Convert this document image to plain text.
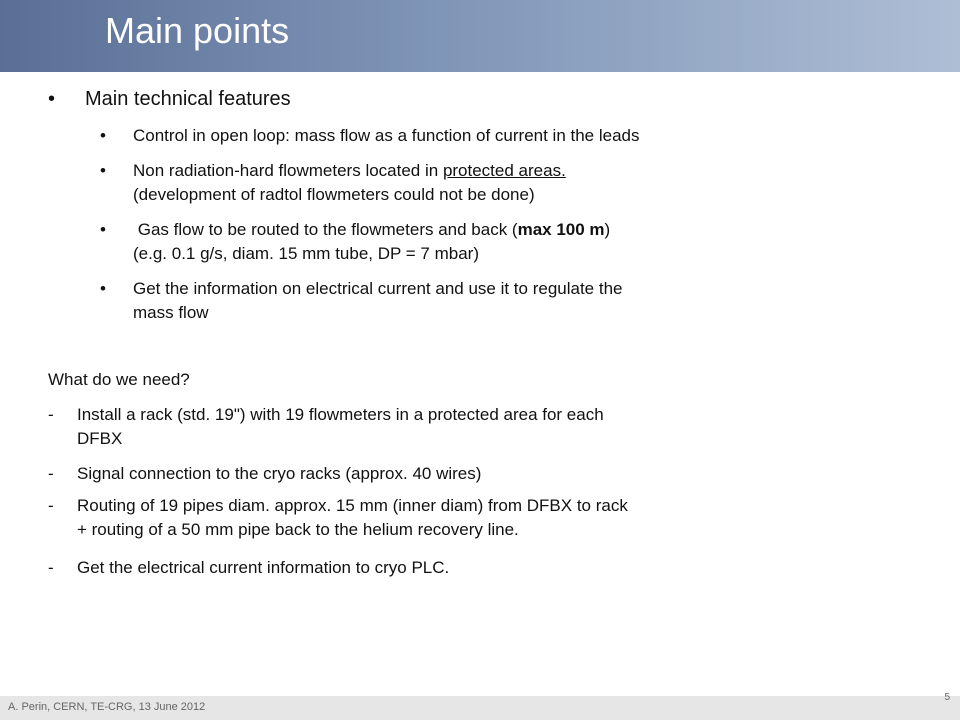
Main points
• Main technical features
• Control in open loop: mass flow as a function of current in the leads
• Non radiation-hard flowmeters located in protected areas.
(development of radtol flowmeters could not be done)
• Gas flow to be routed to the flowmeters and back (max 100 m)
(e.g. 0.1 g/s, diam. 15 mm tube, DP = 7 mbar)
• Get the information on electrical current and use it to regulate the
mass flow
What do we need?
- Install a rack (std. 19") with 19 flowmeters in a protected area for each
DFBX
- Signal connection to the cryo racks (approx. 40 wires)
- Routing of 19 pipes diam. approx. 15 mm (inner diam) from DFBX to rack
+ routing of a 50 mm pipe back to the helium recovery line.
- Get the electrical current information to cryo PLC.
A. Perin, CERN, TE-CRG, 13 June 2012
5
